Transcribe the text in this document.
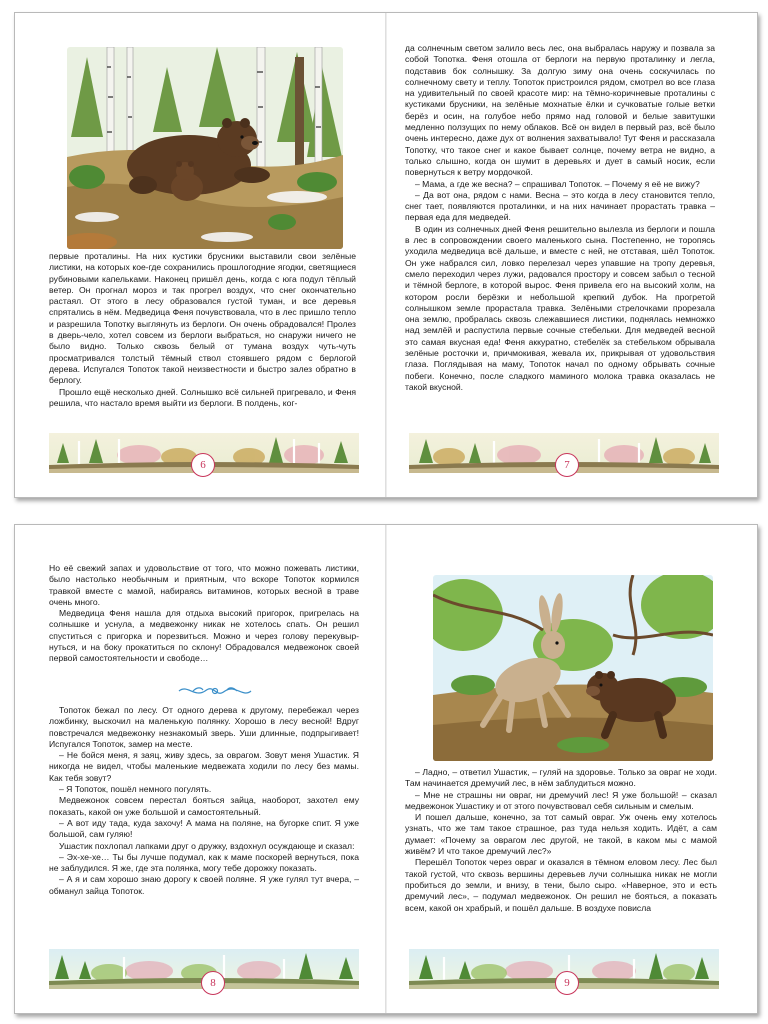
первые проталины. На них кустики брусники выставили свои зелёные листики, на которых кое-где сохранились прошлогодние ягодки, светящиеся рубиновыми капельками. Наконец пришёл день, когда с юга подул тёплый ветер. Он прогнал мороз и так прогрел воздух, что снег окончательно растаял. От этого в лесу образовался густой туман, и все деревья спрятались в нём. Медведица Феня почувствовала, что в лес пришло тепло и разрешила Топотку выглянуть из берлоги. Он очень обрадовался! Пролез в дверь-чело, хотел совсем из берлоги выбраться, но снаружи ничего не было видно. Только сквозь белый от тумана воздух чуть-чуть просматривался толстый тёмный ствол стоявшего рядом с берлогой дерева. Испугался Топоток такой неизвестности и быстро залез обратно в берлогу.

Прошло ещё несколько дней. Солнышко всё сильней пригревало, и Феня решила, что настало время выйти из берлоги. В полдень, ког-

6

да солнечным светом залило весь лес, она выбралась наружу и позвала за собой Топотка. Феня отошла от берлоги на первую проталинку и легла, подставив бок солнышку. За долгую зиму она очень соскучилась по солнечному свету и теплу. Топоток пристроился рядом, смотрел во все глаза на удивительный по своей красоте мир: на тёмно-коричневые проталины с кустиками брусники, на зелёные мохнатые ёлки и сучковатые голые ветки берёз и осин, на голубое небо прямо над головой и белые завитушки медленно ползущих по нему облаков. Всё он видел в первый раз, всё было очень интересно, даже дух от волнения захватывало! Тут Феня и рассказала Топотку, что такое снег и какое бывает солнце, почему ветра не видно, а только слышно, когда он шумит в деревьях и дует в самый носик, если повернуться к ветру мордочкой.

– Мама, а где же весна? – спрашивал Топоток. – Почему я её не вижу?

– Да вот она, рядом с нами. Весна – это когда в лесу становится тепло, снег тает, появляются проталинки, и на них начинает прорастать травка – первая еда для медведей.

В один из солнечных дней Феня решительно вылезла из берлоги и пошла в лес в сопровождении своего маленького сына. Постепенно, не торопясь уходила медведица всё дальше, и вместе с ней, не отставая, шёл Топоток. Он уже набрался сил, ловко перелезал через упавшие на тропу деревья, смело переходил через лужи, радовался простору и совсем забыл о тесной и тёмной берлоге, в которой вырос. Феня привела его на высокий холм, на котором росли берёзки и небольшой крепкий дубок. На прогретой солнышком земле прорастала травка. Зелёными стрелочками прорезала она землю, пробралась сквозь слежавшиеся листики, поднялась немножко над землёй и распустила первые сочные стебельки. Для медведей весной это самая вкусная еда! Феня аккуратно, стебелёк за стебельком обрывала зелёные росточки и, причмокивая, жевала их, прикрывая от удовольствия глаза. Поглядывая на маму, Топоток начал по одному обрывать сочные побеги. Конечно, после сладкого маминого молока травка оказалась не такой вкусной.

7

Но её свежий запах и удовольствие от того, что можно пожевать листики, было настолько необычным и приятным, что вскоре Топоток кормился травкой вместе с мамой, набираясь витаминов, которых весной в траве очень много.

Медведица Феня нашла для отдыха высокий пригорок, пригрелась на солнышке и уснула, а медвежонку никак не хотелось спать. Он решил спуститься с пригорка и порезвиться. Можно и через голову перекувырнуться, и на боку прокатиться по склону! Обрадовался медвежонок своей первой самостоятельности и свободе…

Топоток бежал по лесу. От одного дерева к другому, перебежал через ложбинку, выскочил на маленькую полянку. Хорошо в лесу весной! Вдруг повстречался медвежонку незнакомый зверь. Уши длинные, подпрыгивает! Испугался Топоток, замер на месте.

– Не бойся меня, я заяц, живу здесь, за оврагом. Зовут меня Ушастик. Я никогда не видел, чтобы маленькие медвежата ходили по лесу без мамы. Как тебя зовут?

– Я Топоток, пошёл немного погулять.

Медвежонок совсем перестал бояться зайца, наоборот, захотел ему показать, какой он уже большой и самостоятельный.

– А вот иду тада, куда захочу! А мама на поляне, на бугорке спит. Я уже большой, сам гуляю!

Ушастик похлопал лапками друг о дружку, вздохнул осуждающе и сказал:

– Эх-хе-хе… Ты бы лучше подумал, как к маме поскорей вернуться, пока не заблудился. Я же, где эта полянка, могу тебе дорожку показать.

– А я и сам хорошо знаю дорогу к своей поляне. Я уже гулял тут вчера, – обманул зайца Топоток.

8

– Ладно, – ответил Ушастик, – гуляй на здоровье. Только за овраг не ходи. Там начинается дремучий лес, в нём заблудиться можно.

– Мне не страшны ни овраг, ни дремучий лес! Я уже большой! – сказал медвежонок Ушастику и от этого почувствовал себя сильным и смелым.

И пошел дальше, конечно, за тот самый овраг. Уж очень ему хотелось узнать, что же там такое страшное, раз туда нельзя ходить. Идёт, а сам думает: «Почему за оврагом лес другой, не такой, в каком мы с мамой живём? И что такое дремучий лес?»

Перешёл Топоток через овраг и оказался в тёмном еловом лесу. Лес был такой густой, что сквозь вершины деревьев лучи солнышка никак не могли пробиться до земли, и внизу, в тени, было сыро. «Наверное, это и есть дремучий лес», – подумал медвежонок. Он решил не бояться, а показать всем, какой он храбрый, и пошёл дальше. В воздухе повисла

9
